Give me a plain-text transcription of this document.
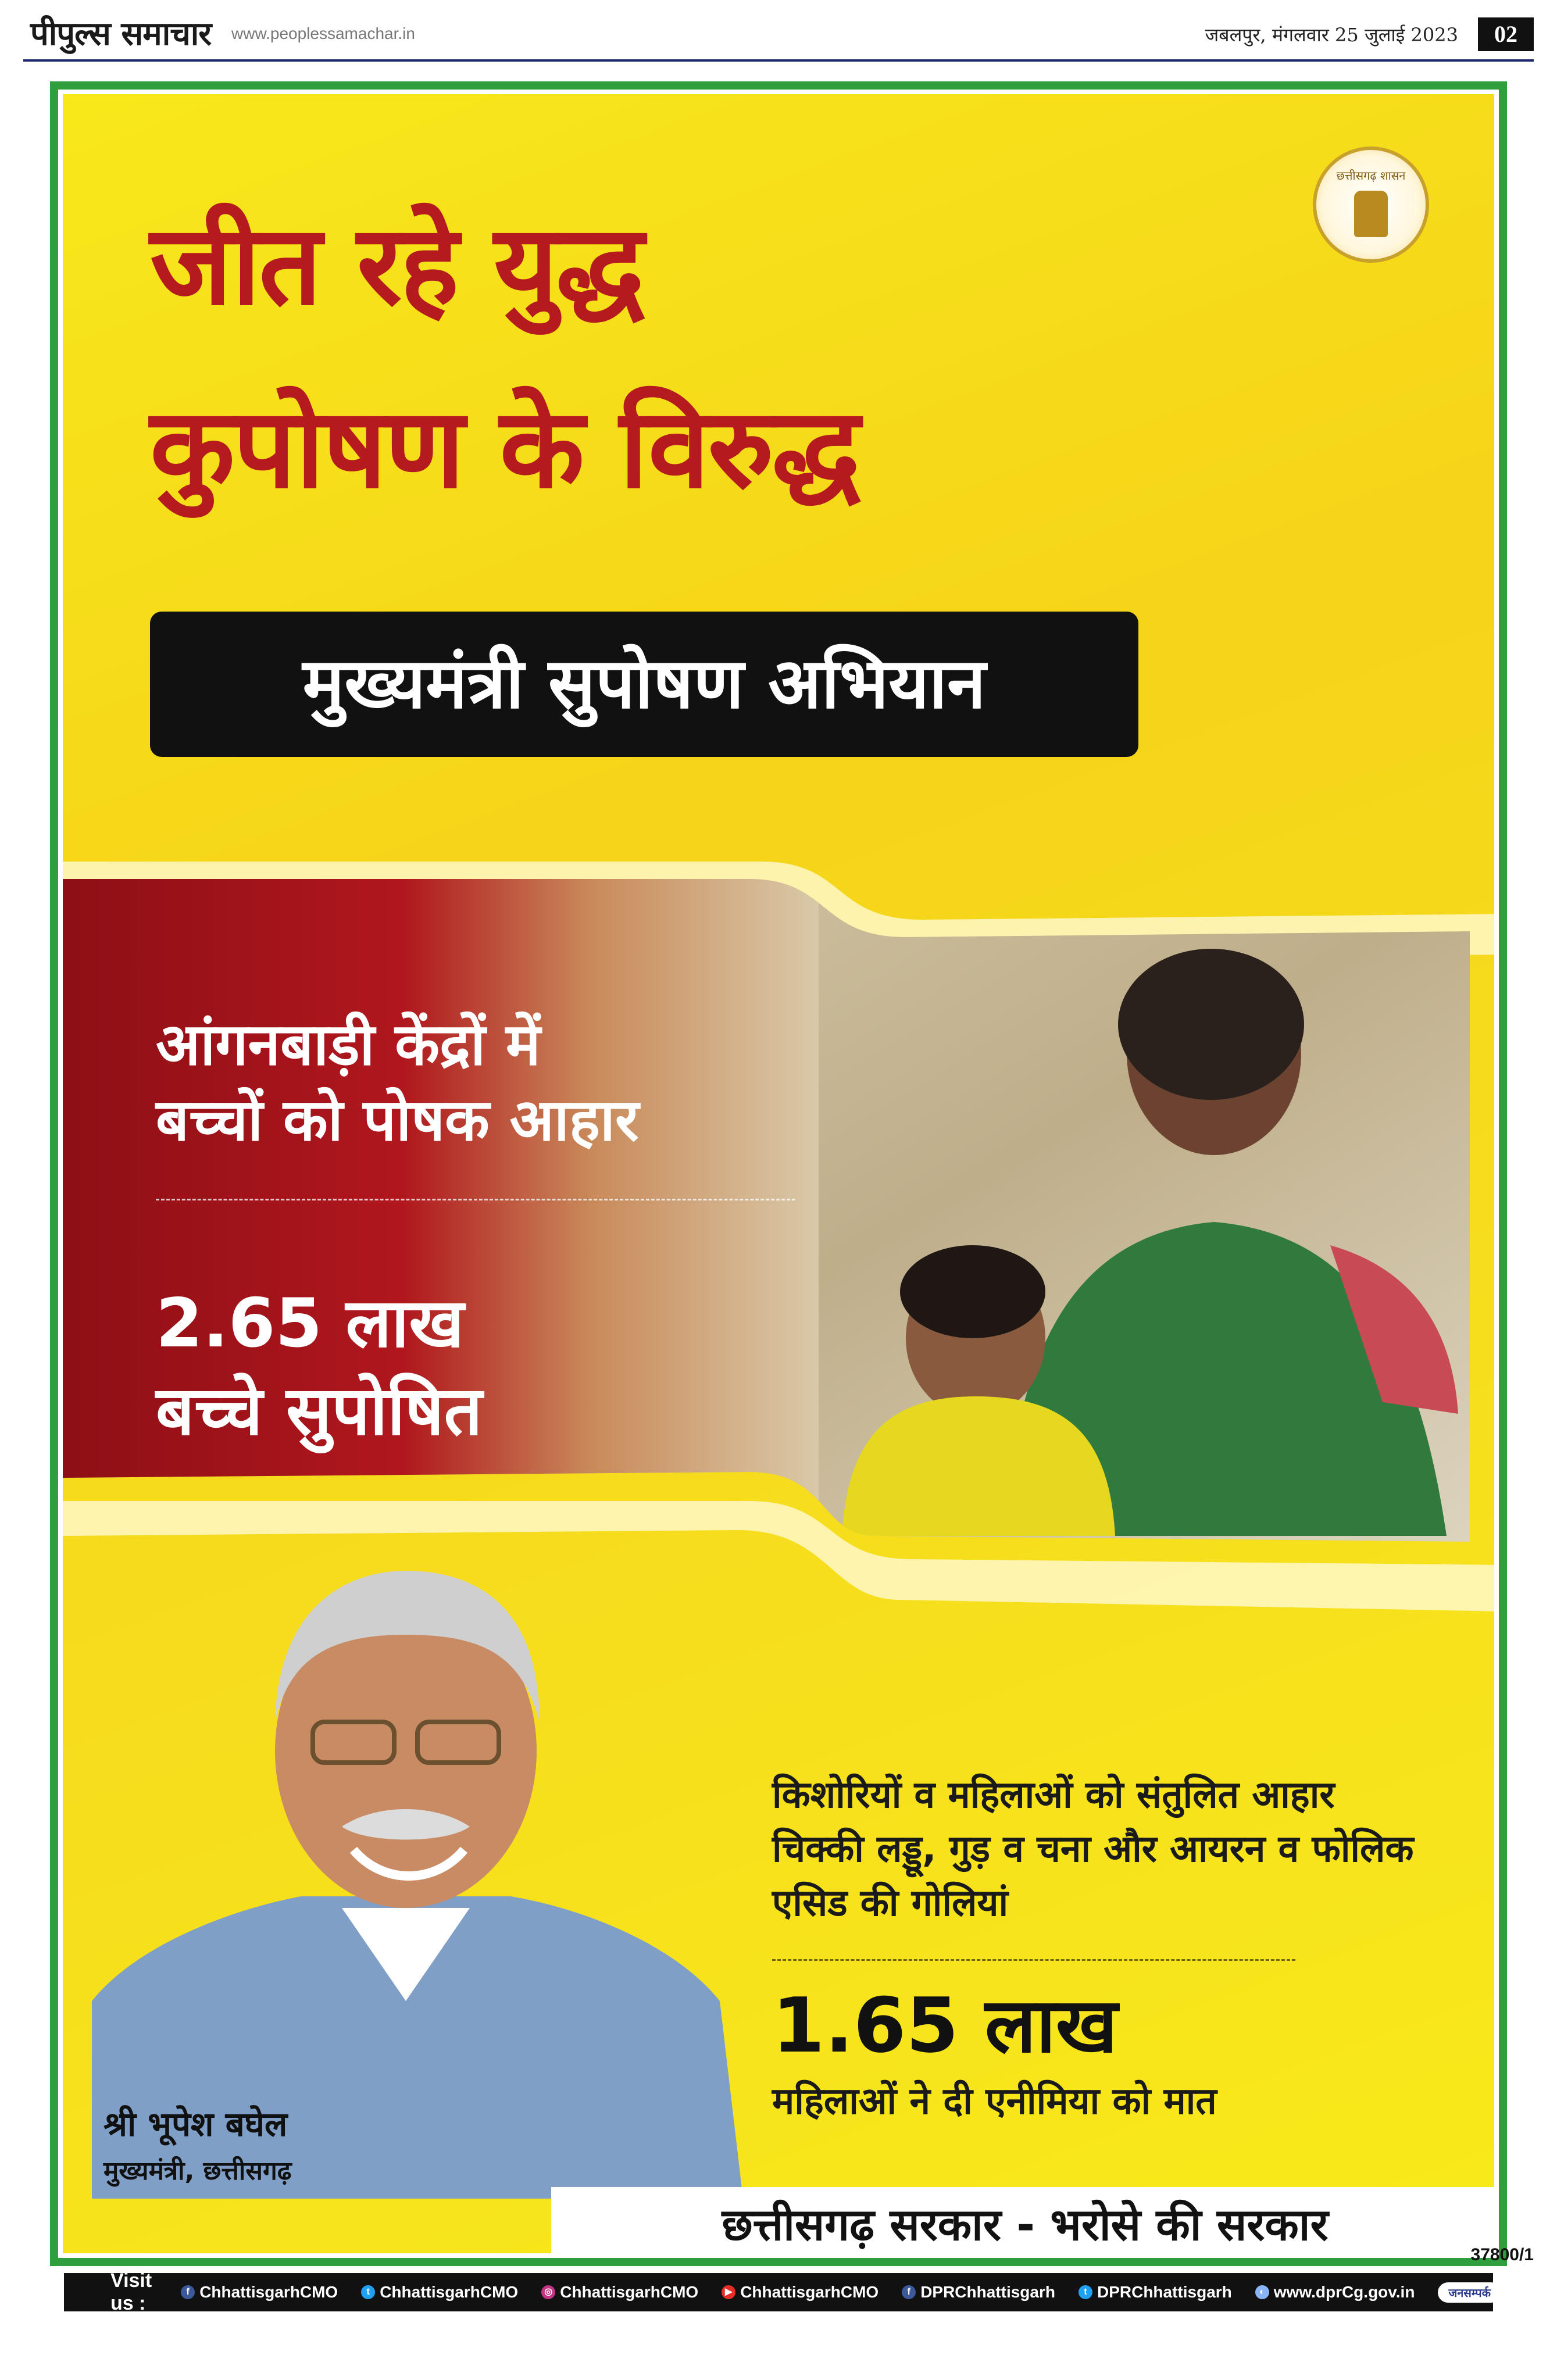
पीपुल्स समाचार www.peoplessamachar.in	जबलपुर, मंगलवार 25 जुलाई 2023	02
जीत रहे युद्ध
कुपोषण के विरुद्ध
छत्तीसगढ़ शासन
मुख्यमंत्री सुपोषण अभियान
आंगनबाड़ी केंद्रों में
बच्चों को पोषक आहार
2.65 लाख
बच्चे सुपोषित
श्री भूपेश बघेल
मुख्यमंत्री, छत्तीसगढ़
किशोरियों व महिलाओं को संतुलित आहार
चिक्की लड्डू, गुड़ व चना और आयरन व फोलिक
एसिड की गोलियां
1.65 लाख
महिलाओं ने दी एनीमिया को मात
छत्तीसगढ़ सरकार - भरोसे की सरकार
37800/1
Visit us :
f ChhattisgarhCMO	t ChhattisgarhCMO	◎ ChhattisgarhCMO	▶ ChhattisgarhCMO	f DPRChhattisgarh	t DPRChhattisgarh	◐ www.dprCg.gov.in	जनसम्पर्क
